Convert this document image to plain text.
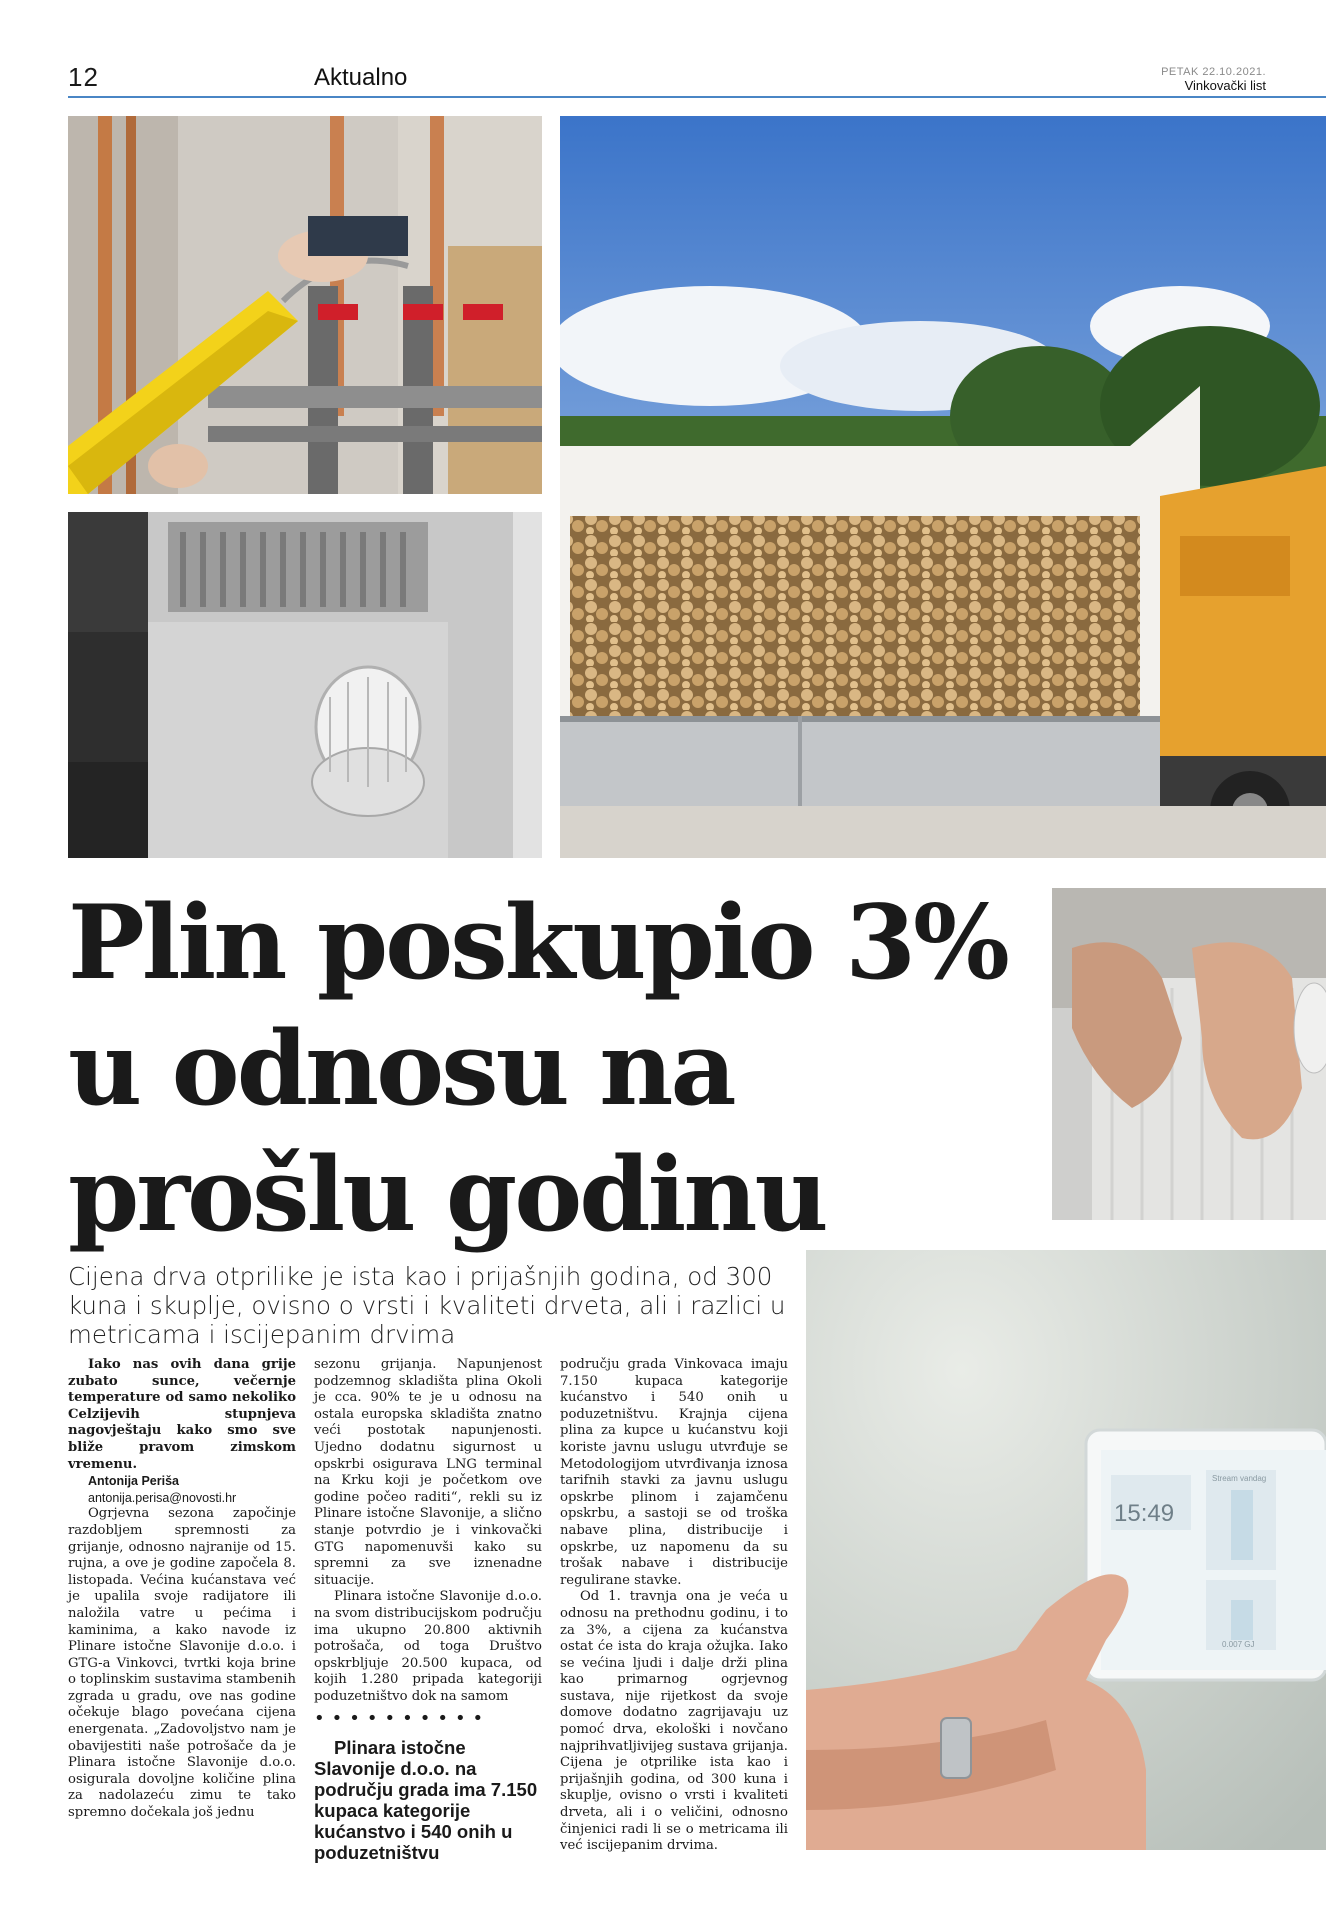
12	Aktualno	PETAK 22.10.2021.
Vinkovački list
15:49
Stream vandag
0.007 GJ
Plin poskupio 3% u odnosu na prošlu godinu

Cijena drva otprilike je ista kao i prijašnjih godina, od 300 kuna i skuplje, ovisno o vrsti i kvaliteti drveta, ali i razlici u metricama i iscijepanim drvima

Iako nas ovih dana grije zubato sunce, večernje temperature od samo nekoliko Celzijevih stupnjeva nagovještaju kako smo sve bliže pravom zimskom vremenu.

Antonija Periša

antonija.perisa@novosti.hr

Ogrjevna sezona započinje razdobljem spremnosti za grijanje, odnosno najranije od 15. rujna, a ove je godine započela 8. listopada. Većina kućanstava već je upalila svoje radijatore ili naložila vatre u pećima i kaminima, a kako navode iz Plinare istočne Slavonije d.o.o. i GTG-a Vinkovci, tvrtki koja brine o toplinskim sustavima stambenih zgrada u gradu, ove nas godine očekuje blago povećana cijena energenata. „Zadovoljstvo nam je obavijestiti naše potrošače da je Plinara istočne Slavonije d.o.o. osigurala dovoljne količine plina za nadolazeću zimu te tako spremno dočekala još jednu

sezonu grijanja. Napunjenost podzemnog skladišta plina Okoli je cca. 90% te je u odnosu na ostala europska skladišta znatno veći postotak napunjenosti. Ujedno dodatnu sigurnost u opskrbi osigurava LNG terminal na Krku koji je početkom ove godine počeo raditi“, rekli su iz Plinare istočne Slavonije, a slično stanje potvrdio je i vinkovački GTG napomenuvši kako su spremni za sve iznenadne situacije.

Plinara istočne Slavonije d.o.o. na svom distribucijskom području ima ukupno 20.800 aktivnih potrošača, od toga Društvo opskrbljuje 20.500 kupaca, od kojih 1.280 pripada kategoriji poduzetništvo dok na samom

••••••••••

Plinara istočne Slavonije d.o.o. na području grada ima 7.150 kupaca kategorije kućanstvo i 540 onih u poduzetništvu

području grada Vinkovaca imaju 7.150 kupaca kategorije kućanstvo i 540 onih u poduzetništvu. Krajnja cijena plina za kupce u kućanstvu koji koriste javnu uslugu utvrđuje se Metodologijom utvrđivanja iznosa tarifnih stavki za javnu uslugu opskrbe plinom i zajamčenu opskrbu, a sastoji se od troška nabave plina, distribucije i opskrbe, uz napomenu da su trošak nabave i distribucije regulirane stavke.

Od 1. travnja ona je veća u odnosu na prethodnu godinu, i to za 3%, a cijena za kućanstva ostat će ista do kraja ožujka. Iako se većina ljudi i dalje drži plina kao primarnog ogrjevnog sustava, nije rijetkost da svoje domove dodatno zagrijavaju uz pomoć drva, ekološki i novčano najprihvatljivijeg sustava grijanja. Cijena je otprilike ista kao i prijašnjih godina, od 300 kuna i skuplje, ovisno o vrsti i kvaliteti drveta, ali i o veličini, odnosno činjenici radi li se o metricama ili već iscijepanim drvima.
